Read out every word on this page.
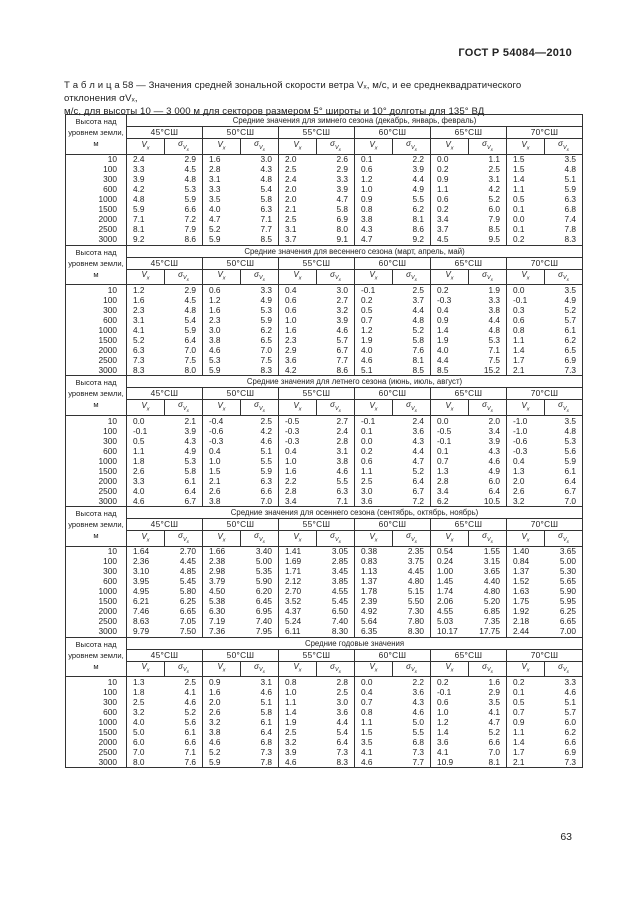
ГОСТ Р 54084—2010
Т а б л и ц а 58 — Значения средней зональной скорости ветра Vₓ, м/с, и ее среднеквадратического отклонения σVₓ,
м/с, для высоты 10 — 3 000 м для секторов размером 5° широты и 10° долготы для 135° ВД
Высота над уровнем земли, м	Средние значения для зимнего сезона (декабрь, январь, февраль)											
	45°СШ		50°СШ		55°СШ		60°СШ		65°СШ		70°СШ	
	$V_x$	$\sigma_{V_x}$	$V_x$	$\sigma_{V_x}$	$V_x$	$\sigma_{V_x}$	$V_x$	$\sigma_{V_x}$	$V_x$	$\sigma_{V_x}$	$V_x$	$\sigma_{V_x}$
10	2.4	2.9	1.6	3.0	2.0	2.6	0.1	2.2	0.0	1.1	1.5	3.5
100	3.3	4.5	2.8	4.3	2.5	2.9	0.6	3.9	0.2	2.5	1.5	4.8
300	3.9	4.8	3.1	4.8	2.4	3.3	1.2	4.4	0.9	3.1	1.4	5.1
600	4.2	5.3	3.3	5.4	2.0	3.9	1.0	4.9	1.1	4.2	1.1	5.9
1000	4.8	5.9	3.5	5.8	2.0	4.7	0.9	5.5	0.6	5.2	0.5	6.3
1500	5.9	6.6	4.0	6.3	2.1	5.8	0.8	6.2	0.2	6.0	0.1	6.8
2000	7.1	7.2	4.7	7.1	2.5	6.9	3.8	8.1	3.4	7.9	0.0	7.4
2500	8.1	7.9	5.2	7.7	3.1	8.0	4.3	8.6	3.7	8.5	0.1	7.8
3000	9.2	8.6	5.9	8.5	3.7	9.1	4.7	9.2	4.5	9.5	0.2	8.3
Высота над уровнем земли, м	Средние значения для весеннего сезона (март, апрель, май)											
	45°СШ		50°СШ		55°СШ		60°СШ		65°СШ		70°СШ	
	$V_x$	$\sigma_{V_x}$	$V_x$	$\sigma_{V_x}$	$V_x$	$\sigma_{V_x}$	$V_x$	$\sigma_{V_x}$	$V_x$	$\sigma_{V_x}$	$V_x$	$\sigma_{V_x}$
10	1.2	2.9	0.6	3.3	0.4	3.0	-0.1	2.5	0.2	1.9	0.0	3.5
100	1.6	4.5	1.2	4.9	0.6	2.7	0.2	3.7	-0.3	3.3	-0.1	4.9
300	2.3	4.8	1.6	5.3	0.6	3.2	0.5	4.4	0.4	3.8	0.3	5.2
600	3.1	5.4	2.3	5.9	1.0	3.9	0.7	4.8	0.9	4.4	0.6	5.7
1000	4.1	5.9	3.0	6.2	1.6	4.6	1.2	5.2	1.4	4.8	0.8	6.1
1500	5.2	6.4	3.8	6.5	2.3	5.7	1.9	5.8	1.9	5.3	1.1	6.2
2000	6.3	7.0	4.6	7.0	2.9	6.7	4.0	7.6	4.0	7.1	1.4	6.5
2500	7.3	7.5	5.3	7.5	3.6	7.7	4.6	8.1	4.4	7.5	1.7	6.9
3000	8.3	8.0	5.9	8.3	4.2	8.6	5.1	8.5	8.5	15.2	2.1	7.3
Высота над уровнем земли, м	Средние значения для летнего сезона (июнь, июль, август)											
	45°СШ		50°СШ		55°СШ		60°СШ		65°СШ		70°СШ	
	$V_x$	$\sigma_{V_x}$	$V_x$	$\sigma_{V_x}$	$V_x$	$\sigma_{V_x}$	$V_x$	$\sigma_{V_x}$	$V_x$	$\sigma_{V_x}$	$V_x$	$\sigma_{V_x}$
10	0.0	2.1	-0.4	2.5	-0.5	2.7	-0.1	2.4	0.0	2.0	-1.0	3.5
100	-0.1	3.9	-0.6	4.2	-0.3	2.4	0.1	3.6	-0.5	3.4	-1.0	4.8
300	0.5	4.3	-0.3	4.6	-0.3	2.8	0.0	4.3	-0.1	3.9	-0.6	5.3
600	1.1	4.9	0.4	5.1	0.4	3.1	0.2	4.4	0.1	4.3	-0.3	5.6
1000	1.8	5.3	1.0	5.5	1.0	3.8	0.6	4.7	0.7	4.6	0.4	5.9
1500	2.6	5.8	1.5	5.9	1.6	4.6	1.1	5.2	1.3	4.9	1.3	6.1
2000	3.3	6.1	2.1	6.3	2.2	5.5	2.5	6.4	2.8	6.0	2.0	6.4
2500	4.0	6.4	2.6	6.6	2.8	6.3	3.0	6.7	3.4	6.4	2.6	6.7
3000	4.6	6.7	3.8	7.0	3.4	7.1	3.6	7.2	6.2	10.5	3.2	7.0
Высота над уровнем земли, м	Средние значения для осеннего сезона (сентябрь, октябрь, ноябрь)											
	45°СШ		50°СШ		55°СШ		60°СШ		65°СШ		70°СШ	
	$V_x$	$\sigma_{V_x}$	$V_x$	$\sigma_{V_x}$	$V_x$	$\sigma_{V_x}$	$V_x$	$\sigma_{V_x}$	$V_x$	$\sigma_{V_x}$	$V_x$	$\sigma_{V_x}$
10	1.64	2.70	1.66	3.40	1.41	3.05	0.38	2.35	0.54	1.55	1.40	3.65
100	2.36	4.45	2.38	5.00	1.69	2.85	0.83	3.75	0.24	3.15	0.84	5.00
300	3.10	4.85	2.98	5.35	1.71	3.45	1.13	4.45	1.00	3.65	1.37	5.30
600	3.95	5.45	3.79	5.90	2.12	3.85	1.37	4.80	1.45	4.40	1.52	5.65
1000	4.95	5.80	4.50	6.20	2.70	4.55	1.78	5.15	1.74	4.80	1.63	5.90
1500	6.21	6.25	5.38	6.45	3.52	5.45	2.39	5.50	2.06	5.20	1.75	5.95
2000	7.46	6.65	6.30	6.95	4.37	6.50	4.92	7.30	4.55	6.85	1.92	6.25
2500	8.63	7.05	7.19	7.40	5.24	7.40	5.64	7.80	5.03	7.35	2.18	6.65
3000	9.79	7.50	7.36	7.95	6.11	8.30	6.35	8.30	10.17	17.75	2.44	7.00
Высота над уровнем земли, м	Средние годовые значения											
	45°СШ		50°СШ		55°СШ		60°СШ		65°СШ		70°СШ	
	$V_x$	$\sigma_{V_x}$	$V_x$	$\sigma_{V_x}$	$V_x$	$\sigma_{V_x}$	$V_x$	$\sigma_{V_x}$	$V_x$	$\sigma_{V_x}$	$V_x$	$\sigma_{V_x}$
10	1.3	2.5	0.9	3.1	0.8	2.8	0.0	2.2	0.2	1.6	0.2	3.3
100	1.8	4.1	1.6	4.6	1.0	2.5	0.4	3.6	-0.1	2.9	0.1	4.6
300	2.5	4.6	2.0	5.1	1.1	3.0	0.7	4.3	0.6	3.5	0.5	5.1
600	3.2	5.2	2.6	5.8	1.4	3.6	0.8	4.6	1.0	4.1	0.7	5.7
1000	4.0	5.6	3.2	6.1	1.9	4.4	1.1	5.0	1.2	4.7	0.9	6.0
1500	5.0	6.1	3.8	6.4	2.5	5.4	1.5	5.5	1.4	5.2	1.1	6.2
2000	6.0	6.6	4.6	6.8	3.2	6.4	3.5	6.8	3.6	6.6	1.4	6.6
2500	7.0	7.1	5.2	7.3	3.9	7.3	4.1	7.3	4.1	7.0	1.7	6.9
3000	8.0	7.6	5.9	7.8	4.6	8.3	4.6	7.7	10.9	8.1	2.1	7.3
63
